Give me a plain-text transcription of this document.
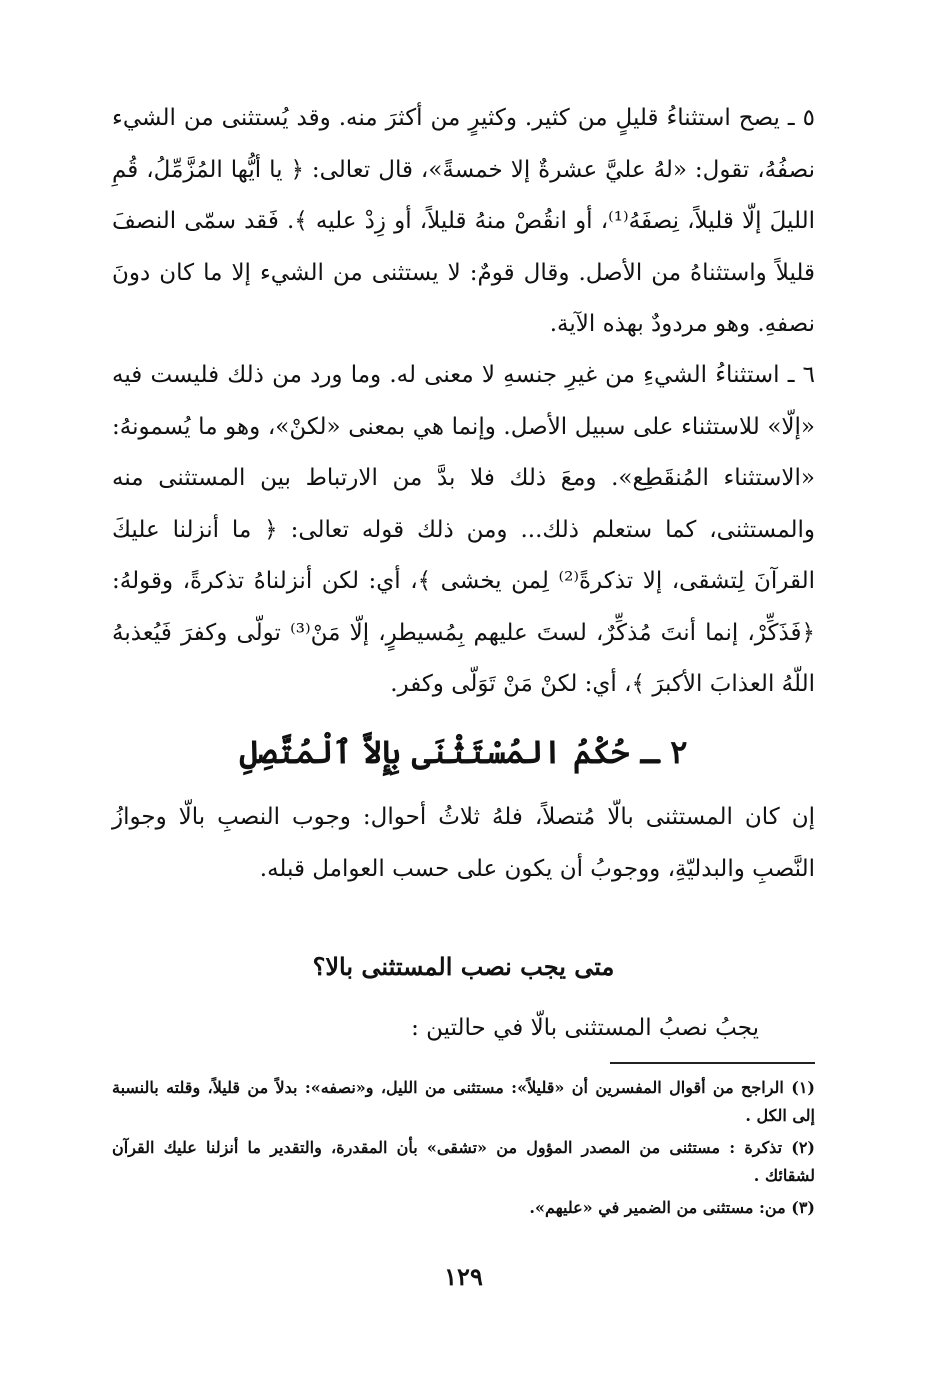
٥ ـ يصح استثناءُ قليلٍ من كثير. وكثيرٍ من أكثرَ منه. وقد يُستثنى من الشيء نصفُهُ، تقول: «لهُ عليَّ عشرةٌ إلا خمسةً»، قال تعالى: ﴿ يا أيُّها المُزَّمِّلُ، قُمِ الليلَ إلّا قليلاً، نِصفَهُ⁽¹⁾، أو انقُصْ منهُ قليلاً، أو زِدْ عليه ﴾. فَقد سمّى النصفَ قليلاً واستثناهُ من الأصل. وقال قومٌ: لا يستثنى من الشيء إلا ما كان دونَ نصفهِ. وهو مردودٌ بهذه الآية.

٦ ـ استثناءُ الشيءِ من غيرِ جنسهِ لا معنى له. وما ورد من ذلك فليست فيه «إلّا» للاستثناء على سبيل الأصل. وإنما هي بمعنى «لكنْ»، وهو ما يُسمونهُ: «الاستثناء المُنقَطِع». ومعَ ذلك فلا بدَّ من الارتباط بين المستثنى منه والمستثنى، كما ستعلم ذلك... ومن ذلك قوله تعالى: ﴿ ما أنزلنا عليكَ القرآنَ لِتشقى، إلا تذكرةً⁽²⁾ لِمن يخشى ﴾، أي: لكن أنزلناهُ تذكرةً، وقولهُ: ﴿فَذَكِّرْ، إنما أنتَ مُذكِّرٌ، لستَ عليهم بِمُسيطرٍ، إلّا مَنْ⁽³⁾ تولّى وكفرَ فَيُعذبهُ اللّهُ العذابَ الأكبرَ ﴾، أي: لكنْ مَنْ تَوَلّى وكفر.

٢ ـ حُكْمُ المُسْتَثْنَى بِإِلاَّ ٱلْمُتَّصِلِ

إن كان المستثنى بالّا مُتصلاً، فلهُ ثلاثُ أحوال: وجوب النصبِ بالّا وجوازُ النَّصبِ والبدليّةِ، ووجوبُ أن يكون على حسب العوامل قبله.

متى يجب نصب المستثنى بالا؟

يجبُ نصبُ المستثنى بالّا في حالتين :

(١) الراجح من أقوال المفسرين أن «قليلاً»: مستثنى من الليل، و«نصفه»: بدلاً من قليلاً، وقلته بالنسبة إلى الكل .
(٢) تذكرة : مستثنى من المصدر المؤول من «تشقى» بأن المقدرة، والتقدير ما أنزلنا عليك القرآن لشقائك .
(٣) من: مستثنى من الضمير في «عليهم».
١٢٩
